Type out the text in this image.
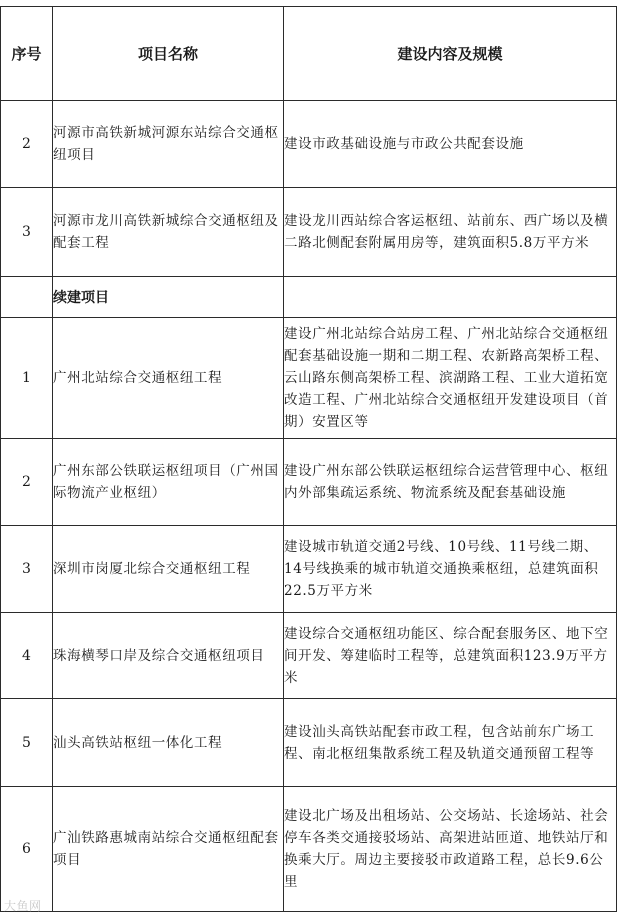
序号	项目名称	建设内容及规模
2	河源市高铁新城河源东站综合交通枢纽项目	建设市政基础设施与市政公共配套设施
3	河源市龙川高铁新城综合交通枢纽及配套工程	建设龙川西站综合客运枢纽、站前东、西广场以及横二路北侧配套附属用房等，建筑面积5.8万平方米
	续建项目	
1	广州北站综合交通枢纽工程	建设广州北站综合站房工程、广州北站综合交通枢纽配套基础设施一期和二期工程、农新路高架桥工程、云山路东侧高架桥工程、滨湖路工程、工业大道拓宽改造工程、广州北站综合交通枢纽开发建设项目（首期）安置区等
2	广州东部公铁联运枢纽项目（广州国际物流产业枢纽）	建设广州东部公铁联运枢纽综合运营管理中心、枢纽内外部集疏运系统、物流系统及配套基础设施
3	深圳市岗厦北综合交通枢纽工程	建设城市轨道交通2号线、10号线、11号线二期、14号线换乘的城市轨道交通换乘枢纽，总建筑面积22.5万平方米
4	珠海横琴口岸及综合交通枢纽项目	建设综合交通枢纽功能区、综合配套服务区、地下空间开发、筹建临时工程等，总建筑面积123.9万平方米
5	汕头高铁站枢纽一体化工程	建设汕头高铁站配套市政工程，包含站前东广场工程、南北枢纽集散系统工程及轨道交通预留工程等
6	广汕铁路惠城南站综合交通枢纽配套项目	建设北广场及出租场站、公交场站、长途场站、社会停车各类交通接驳场站、高架进站匝道、地铁站厅和换乘大厅。周边主要接驳市政道路工程，总长9.6公里
大鱼网
